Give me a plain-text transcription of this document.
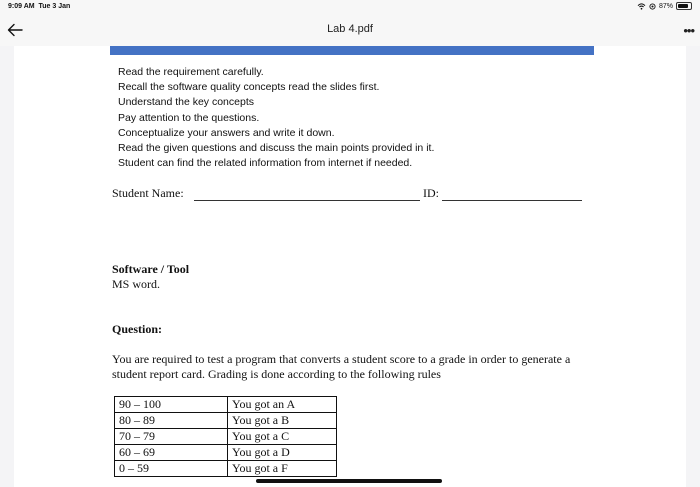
9:09 AM Tue 3 Jan	87%
Lab 4.pdf	•••
Read the requirement carefully.
Recall the software quality concepts read the slides first.
Understand the key concepts
Pay attention to the questions.
Conceptualize your answers and write it down.
Read the given questions and discuss the main points provided in it.
Student can find the related information from internet if needed.
Student Name:	ID:
Software / Tool
MS word.
Question:
You are required to test a program that converts a student score to a grade in order to generate a student report card. Grading is done according to the following rules
90 – 100	You got an A
80 – 89	You got a B
70 – 79	You got a C
60 – 69	You got a D
0 – 59	You got a F
